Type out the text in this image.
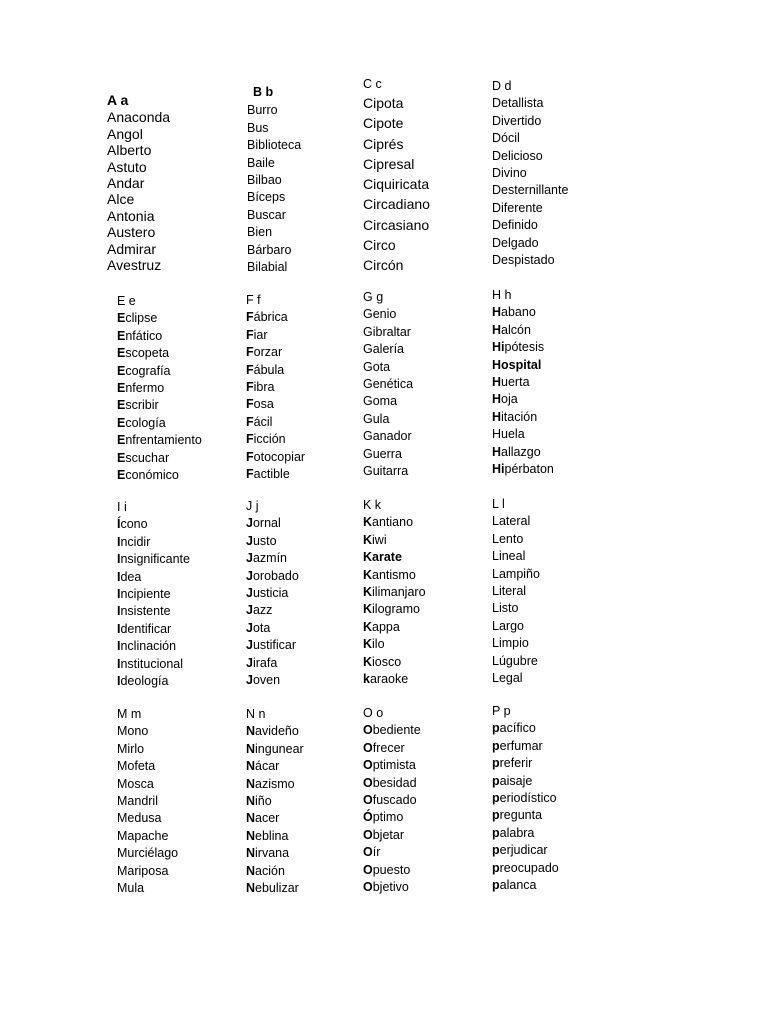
A a
Anaconda
Angol
Alberto
Astuto
Andar
Alce
Antonia
Austero
Admirar
Avestruz
B b
Burro
Bus
Biblioteca
Baile
Bilbao
Bíceps
Buscar
Bien
Bárbaro
Bilabial
C c
Cipota
Cipote
Ciprés
Cipresal
Ciquiricata
Circadiano
Circasiano
Circo
Circón
D d
Detallista
Divertido
Dócil
Delicioso
Divino
Desternillante
Diferente
Definido
Delgado
Despistado
E e
Eclipse
Enfático
Escopeta
Ecografía
Enfermo
Escribir
Ecología
Enfrentamiento
Escuchar
Económico
F f
Fábrica
Fiar
Forzar
Fábula
Fibra
Fosa
Fácil
Ficción
Fotocopiar
Factible
G g
Genio
Gibraltar
Galería
Gota
Genética
Goma
Gula
Ganador
Guerra
Guitarra
H h
Habano
Halcón
Hipótesis
Hospital
Huerta
Hoja
Hitación
Huela
Hallazgo
Hipérbaton
I i
Ícono
Incidir
Insignificante
Idea
Incipiente
Insistente
Identificar
Inclinación
Institucional
Ideología
J j
Jornal
Justo
Jazmín
Jorobado
Justicia
Jazz
Jota
Justificar
Jirafa
Joven
K k
Kantiano
Kiwi
Karate
Kantismo
Kilimanjaro
Kilogramo
Kappa
Kilo
Kiosco
karaoke
L l
Lateral
Lento
Lineal
Lampiño
Literal
Listo
Largo
Limpio
Lúgubre
Legal
M m
Mono
Mirlo
Mofeta
Mosca
Mandril
Medusa
Mapache
Murciélago
Mariposa
Mula
N n
Navideño
Ningunear
Nácar
Nazismo
Niño
Nacer
Neblina
Nirvana
Nación
Nebulizar
O o
Obediente
Ofrecer
Optimista
Obesidad
Ofuscado
Óptimo
Objetar
Oír
Opuesto
Objetivo
P p
pacífico
perfumar
preferir
paisaje
periodístico
pregunta
palabra
perjudicar
preocupado
palanca
